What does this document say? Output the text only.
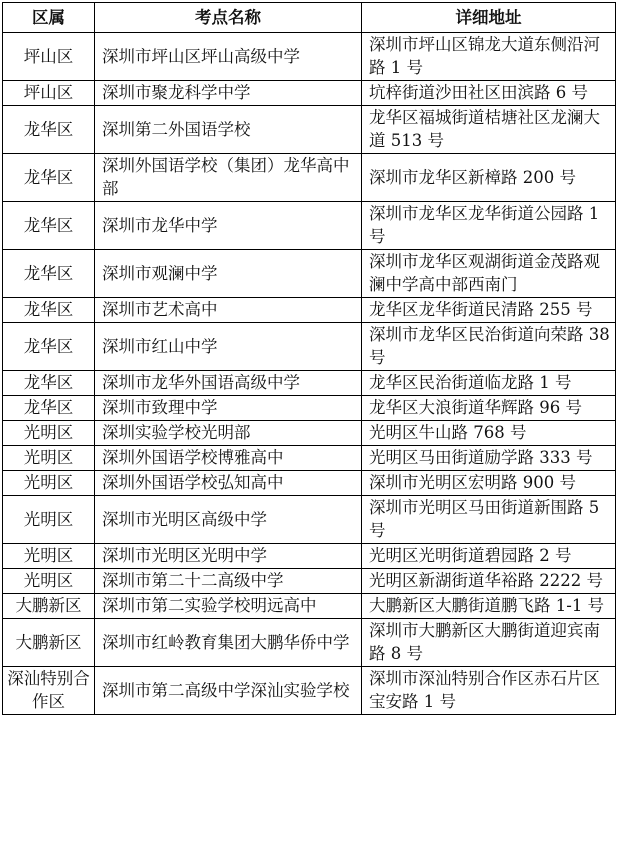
区属	考点名称	详细地址
坪山区	深圳市坪山区坪山高级中学	深圳市坪山区锦龙大道东侧沿河路 1 号
坪山区	深圳市聚龙科学中学	坑梓街道沙田社区田滨路 6 号
龙华区	深圳第二外国语学校	龙华区福城街道桔塘社区龙澜大道 513 号
龙华区	深圳外国语学校（集团）龙华高中部	深圳市龙华区新樟路 200 号
龙华区	深圳市龙华中学	深圳市龙华区龙华街道公园路 1 号
龙华区	深圳市观澜中学	深圳市龙华区观湖街道金茂路观澜中学高中部西南门
龙华区	深圳市艺术高中	龙华区龙华街道民清路 255 号
龙华区	深圳市红山中学	深圳市龙华区民治街道向荣路 38 号
龙华区	深圳市龙华外国语高级中学	龙华区民治街道临龙路 1 号
龙华区	深圳市致理中学	龙华区大浪街道华辉路 96 号
光明区	深圳实验学校光明部	光明区牛山路 768 号
光明区	深圳外国语学校博雅高中	光明区马田街道励学路 333 号
光明区	深圳外国语学校弘知高中	深圳市光明区宏明路 900 号
光明区	深圳市光明区高级中学	深圳市光明区马田街道新围路 5 号
光明区	深圳市光明区光明中学	光明区光明街道碧园路 2 号
光明区	深圳市第二十二高级中学	光明区新湖街道华裕路 2222 号
大鹏新区	深圳市第二实验学校明远高中	大鹏新区大鹏街道鹏飞路 1-1 号
大鹏新区	深圳市红岭教育集团大鹏华侨中学	深圳市大鹏新区大鹏街道迎宾南路 8 号
深汕特别合作区	深圳市第二高级中学深汕实验学校	深圳市深汕特别合作区赤石片区宝安路 1 号
